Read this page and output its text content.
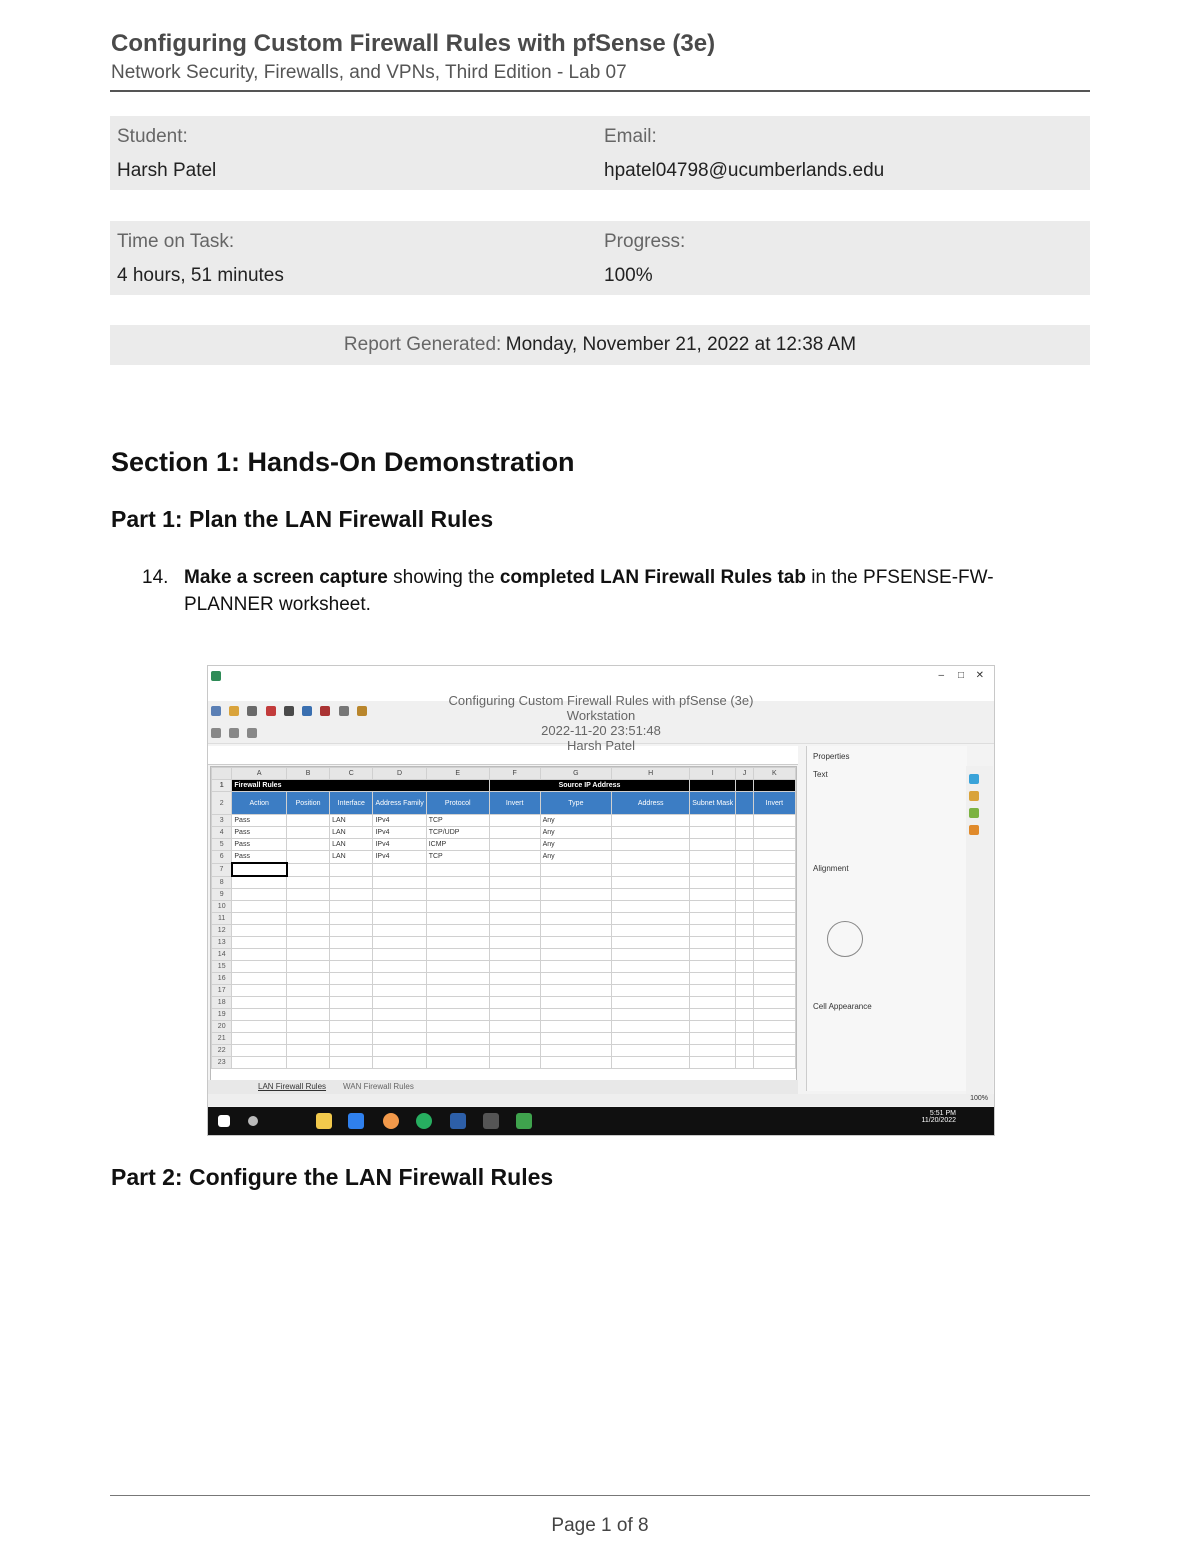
Configuring Custom Firewall Rules with pfSense (3e)
Network Security, Firewalls, and VPNs, Third Edition - Lab 07
Student:
Harsh Patel
Email:
hpatel04798@ucumberlands.edu
Time on Task:
4 hours, 51 minutes
Progress:
100%
Report Generated: Monday, November 21, 2022 at 12:38 AM
Section 1: Hands-On Demonstration
Part 1: Plan the LAN Firewall Rules
14. Make a screen capture showing the completed LAN Firewall Rules tab in the PFSENSE-FW-PLANNER worksheet.
– □ ✕

Configuring Custom Firewall Rules with pfSense (3e)
Workstation
2022-11-20 23:51:48
Harsh Patel
	A	B	C	D	E	F	G	H	I	J	K
1	Firewall Rules					Source IP Address					
2	Action	Position	Interface	Address Family	Protocol	Invert	Type	Address	Subnet Mask		Invert
3	Pass		LAN	IPv4	TCP		Any				
4	Pass		LAN	IPv4	TCP/UDP		Any				
5	Pass		LAN	IPv4	ICMP		Any				
6	Pass		LAN	IPv4	TCP		Any				
7											
8											
9											
10											
11											
12											
13											
14											
15											
16											
17											
18											
19											
20											
21											
22											
23											
Properties
Text
Alignment
Cell Appearance

LAN Firewall Rules WAN Firewall Rules
100%
5:51 PM
11/20/2022
Part 2: Configure the LAN Firewall Rules
Page 1 of 8
